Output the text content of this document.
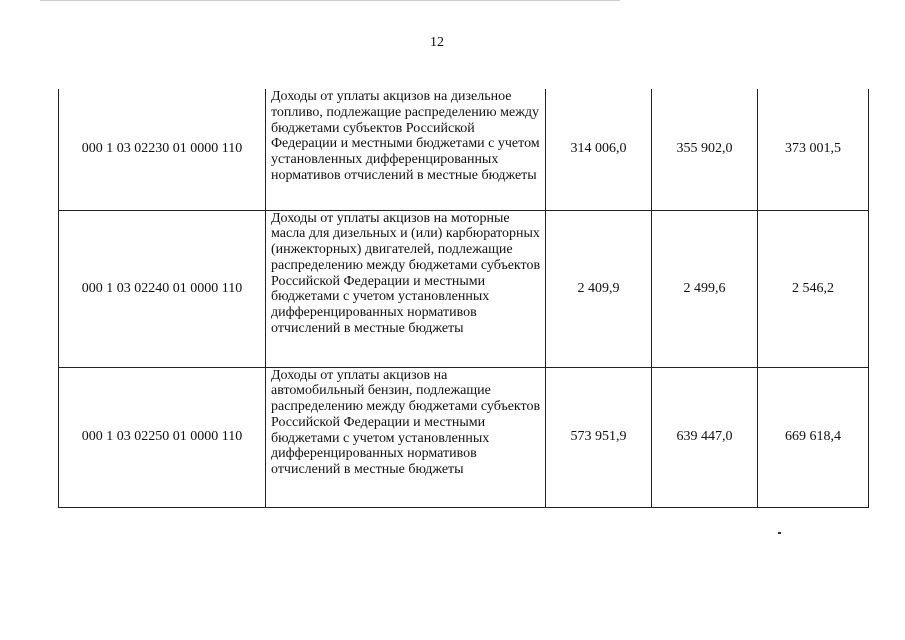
12
000 1 03 02230 01 0000 110	Доходы от уплаты акцизов на дизельное топливо, подлежащие распределению между бюджетами субъектов Российской Федерации и местными бюджетами с учетом установленных дифференцированных нормативов отчислений в местные бюджеты	314 006,0	355 902,0	373 001,5
000 1 03 02240 01 0000 110	Доходы от уплаты акцизов на моторные масла для дизельных и (или) карбюраторных (инжекторных) двигателей, подлежащие распределению между бюджетами субъектов Российской Федерации и местными бюджетами с учетом установленных дифференцированных нормативов отчислений в местные бюджеты	2 409,9	2 499,6	2 546,2
000 1 03 02250 01 0000 110	Доходы от уплаты акцизов на автомобильный бензин, подлежащие распределению между бюджетами субъектов Российской Федерации и местными бюджетами с учетом установленных дифференцированных нормативов отчислений в местные бюджеты	573 951,9	639 447,0	669 618,4
